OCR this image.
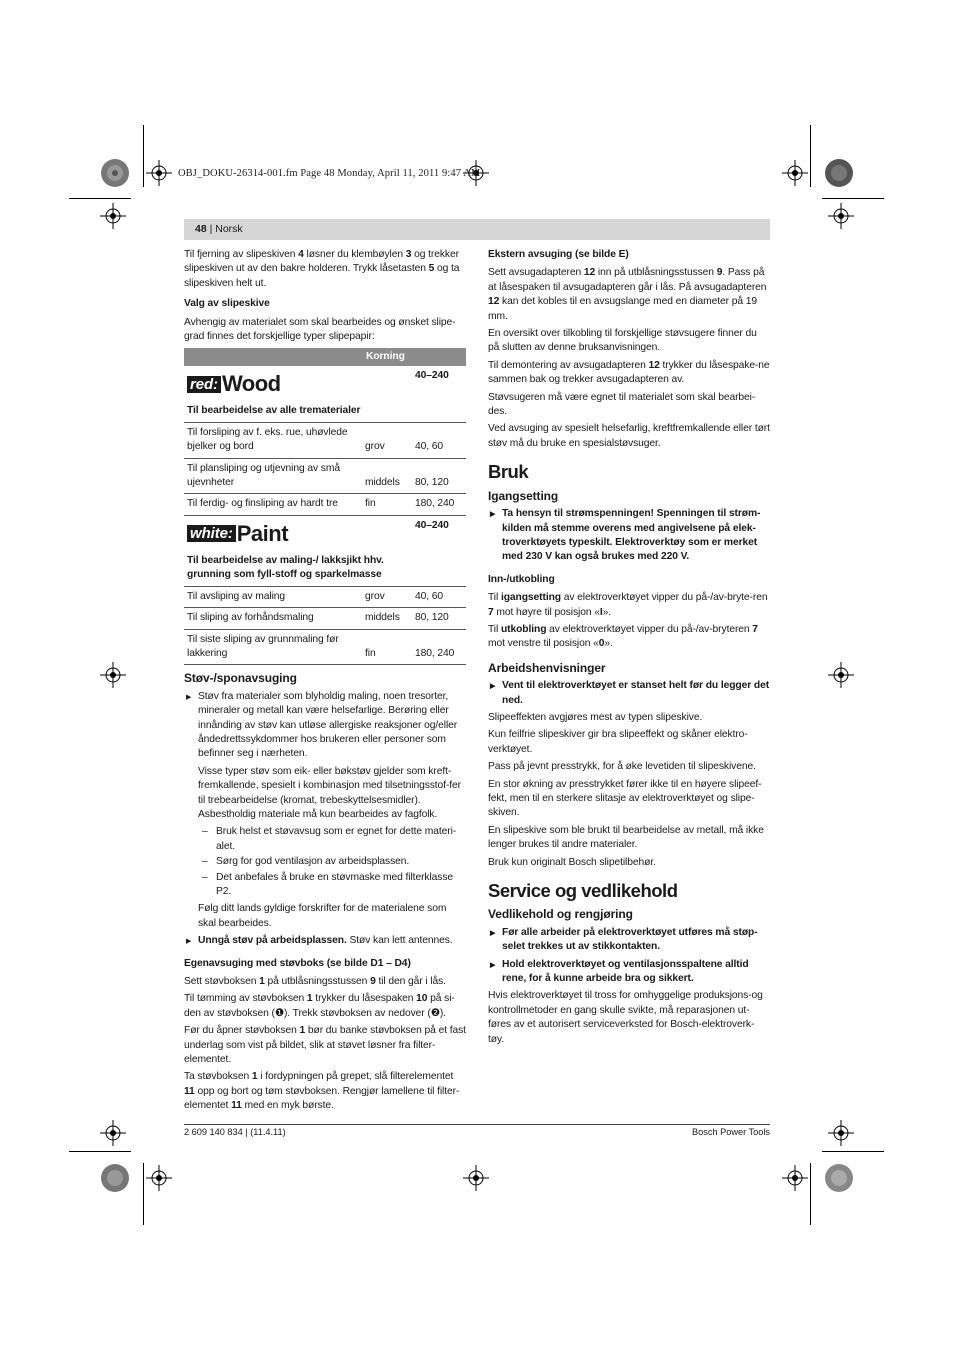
OBJ_DOKU-26314-001.fm Page 48 Monday, April 11, 2011 9:47 AM
48 | Norsk

Til fjerning av slipeskiven 4 løsner du klembøylen 3 og trekker slipeskiven ut av den bakre holderen. Trykk låsetasten 5 og ta slipeskiven helt ut.

Valg av slipeskive

Avhengig av materialet som skal bearbeides og ønsket slipe-grad finnes det forskjellige typer slipepapir:

	Korning	

red: Wood
Til bearbeidelse av alle trematerialer		40–240
Til forsliping av f. eks. rue, uhøvlede bjelker og bord	grov	40, 60
Til plansliping og utjevning av små ujevnheter	middels	80, 120
Til ferdig- og finsliping av hardt tre	fin	180, 240

white: Paint
Til bearbeidelse av maling-/ lakksjikt hhv. grunning som fyll-stoff og sparkelmasse		40–240
Til avsliping av maling	grov	40, 60
Til sliping av forhåndsmaling	middels	80, 120
Til siste sliping av grunnmaling før lakkering	fin	180, 240
Støv-/sponavsuging
▶ Støv fra materialer som blyholdig maling, noen tresorter, mineraler og metall kan være helsefarlige. Berøring eller innånding av støv kan utløse allergiske reaksjoner og/eller åndedrettssykdommer hos brukeren eller personer som befinner seg i nærheten.

Visse typer støv som eik- eller bøkstøv gjelder som kreft-fremkallende, spesielt i kombinasjon med tilsetningsstof-fer til trebearbeidelse (kromat, trebeskyttelsesmidler). Asbestholdig materiale må kun bearbeides av fagfolk.

– Bruk helst et støvavsug som er egnet for dette materi-alet.
– Sørg for god ventilasjon av arbeidsplassen.
– Det anbefales å bruke en støvmaske med filterklasse P2.

Følg ditt lands gyldige forskrifter for de materialene som skal bearbeides.

▶ Unngå støv på arbeidsplassen. Støv kan lett antennes.
Egenavsuging med støvboks (se bilde D1 – D4)

Sett støvboksen 1 på utblåsningsstussen 9 til den går i lås.

Til tømming av støvboksen 1 trykker du låsespaken 10 på si-den av støvboksen (❶). Trekk støvboksen av nedover (❷).

Før du åpner støvboksen 1 bør du banke støvboksen på et fast underlag som vist på bildet, slik at støvet løsner fra filter-elementet.

Ta støvboksen 1 i fordypningen på grepet, slå filterelementet 11 opp og bort og tøm støvboksen. Rengjør lamellene til filter-elementet 11 med en myk børste.

Ekstern avsuging (se bilde E)

Sett avsugadapteren 12 inn på utblåsningsstussen 9. Pass på at låsespaken til avsugadapteren går i lås. På avsugadapteren 12 kan det kobles til en avsugslange med en diameter på 19 mm.

En oversikt over tilkobling til forskjellige støvsugere finner du på slutten av denne bruksanvisningen.

Til demontering av avsugadapteren 12 trykker du låsespake-ne sammen bak og trekker avsugadapteren av.

Støvsugeren må være egnet til materialet som skal bearbei-des.

Ved avsuging av spesielt helsefarlig, kreftfremkallende eller tørt støv må du bruke en spesialstøvsuger.

Bruk
Igangsetting
▶ Ta hensyn til strømspenningen! Spenningen til strøm-kilden må stemme overens med angivelsene på elek-troverktøyets typeskilt. Elektroverktøy som er merket med 230 V kan også brukes med 220 V.
Inn-/utkobling

Til igangsetting av elektroverktøyet vipper du på-/av-bryte-ren 7 mot høyre til posisjon «I».

Til utkobling av elektroverktøyet vipper du på-/av-bryteren 7 mot venstre til posisjon «0».

Arbeidshenvisninger
▶ Vent til elektroverktøyet er stanset helt før du legger det ned.

Slipeeffekten avgjøres mest av typen slipeskive.

Kun feilfrie slipeskiver gir bra slipeeffekt og skåner elektro-verktøyet.

Pass på jevnt presstrykk, for å øke levetiden til slipeskivene.

En stor økning av presstrykket fører ikke til en høyere slipeef-fekt, men til en sterkere slitasje av elektroverktøyet og slipe-skiven.

En slipeskive som ble brukt til bearbeidelse av metall, må ikke lenger brukes til andre materialer.

Bruk kun originalt Bosch slipetilbehør.

Service og vedlikehold
Vedlikehold og rengjøring
▶ Før alle arbeider på elektroverktøyet utføres må støp-selet trekkes ut av stikkontakten.
▶ Hold elektroverktøyet og ventilasjonsspaltene alltid rene, for å kunne arbeide bra og sikkert.

Hvis elektroverktøyet til tross for omhyggelige produksjons-og kontrollmetoder en gang skulle svikte, må reparasjonen ut-føres av et autorisert serviceverksted for Bosch-elektroverk-tøy.

2 609 140 834 | (11.4.11)	Bosch Power Tools
